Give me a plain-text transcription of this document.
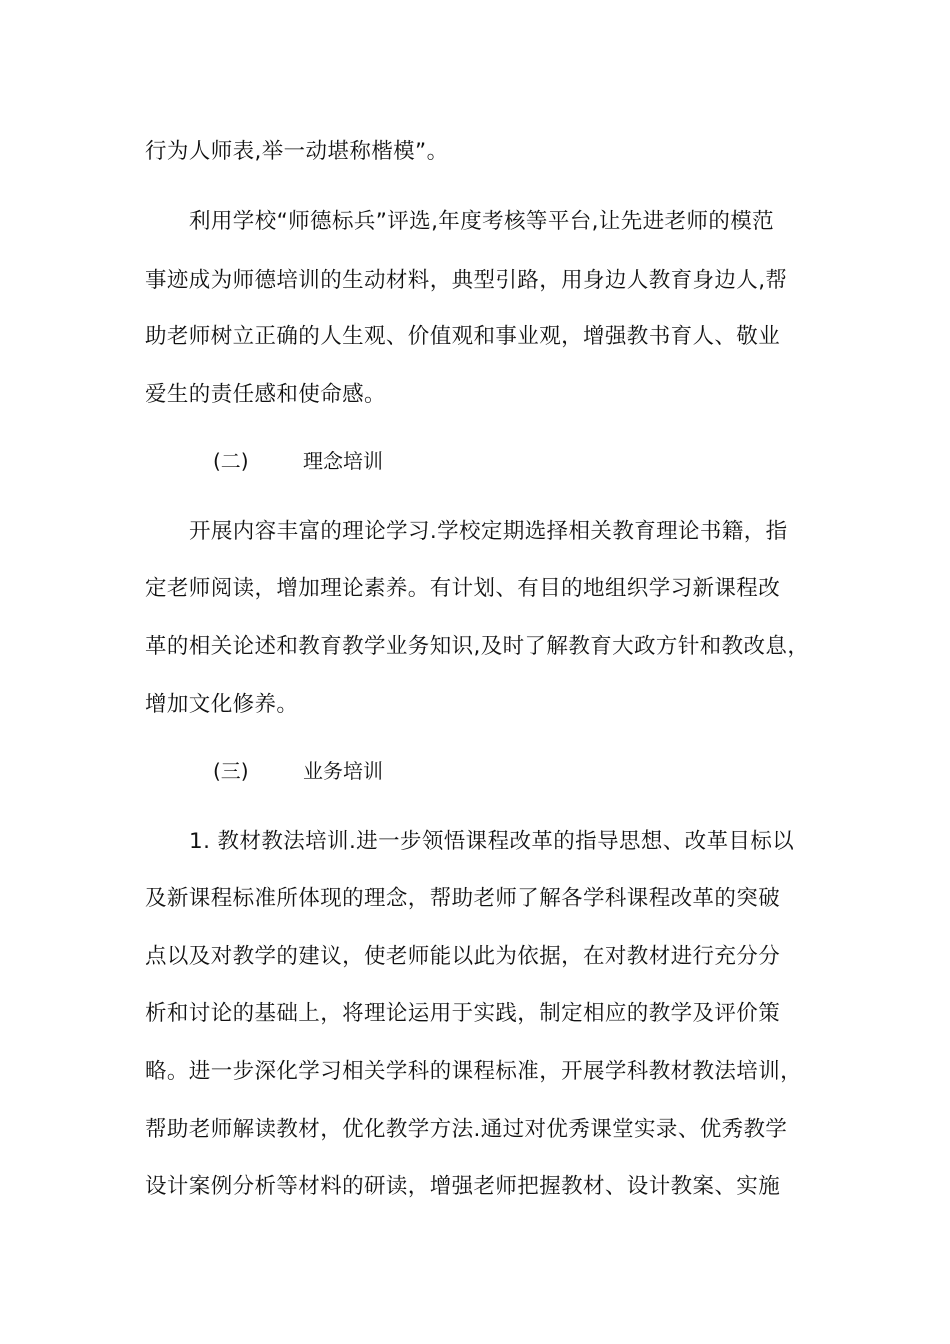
行为人师表,举一动堪称楷模”。
利用学校“师德标兵”评选,年度考核等平台,让先进老师的模范
事迹成为师德培训的生动材料，典型引路，用身边人教育身边人,帮
助老师树立正确的人生观、价值观和事业观，增强教书育人、敬业
爱生的责任感和使命感。
(二)	理念培训
开展内容丰富的理论学习.学校定期选择相关教育理论书籍，指
定老师阅读，增加理论素养。有计划、有目的地组织学习新课程改
革的相关论述和教育教学业务知识,及时了解教育大政方针和教改息，
增加文化修养。
(三)	业务培训
1. 教材教法培训.进一步领悟课程改革的指导思想、改革目标以
及新课程标准所体现的理念，帮助老师了解各学科课程改革的突破
点以及对教学的建议，使老师能以此为依据，在对教材进行充分分
析和讨论的基础上，将理论运用于实践，制定相应的教学及评价策
略。进一步深化学习相关学科的课程标准，开展学科教材教法培训，
帮助老师解读教材，优化教学方法.通过对优秀课堂实录、优秀教学
设计案例分析等材料的研读，增强老师把握教材、设计教案、实施
